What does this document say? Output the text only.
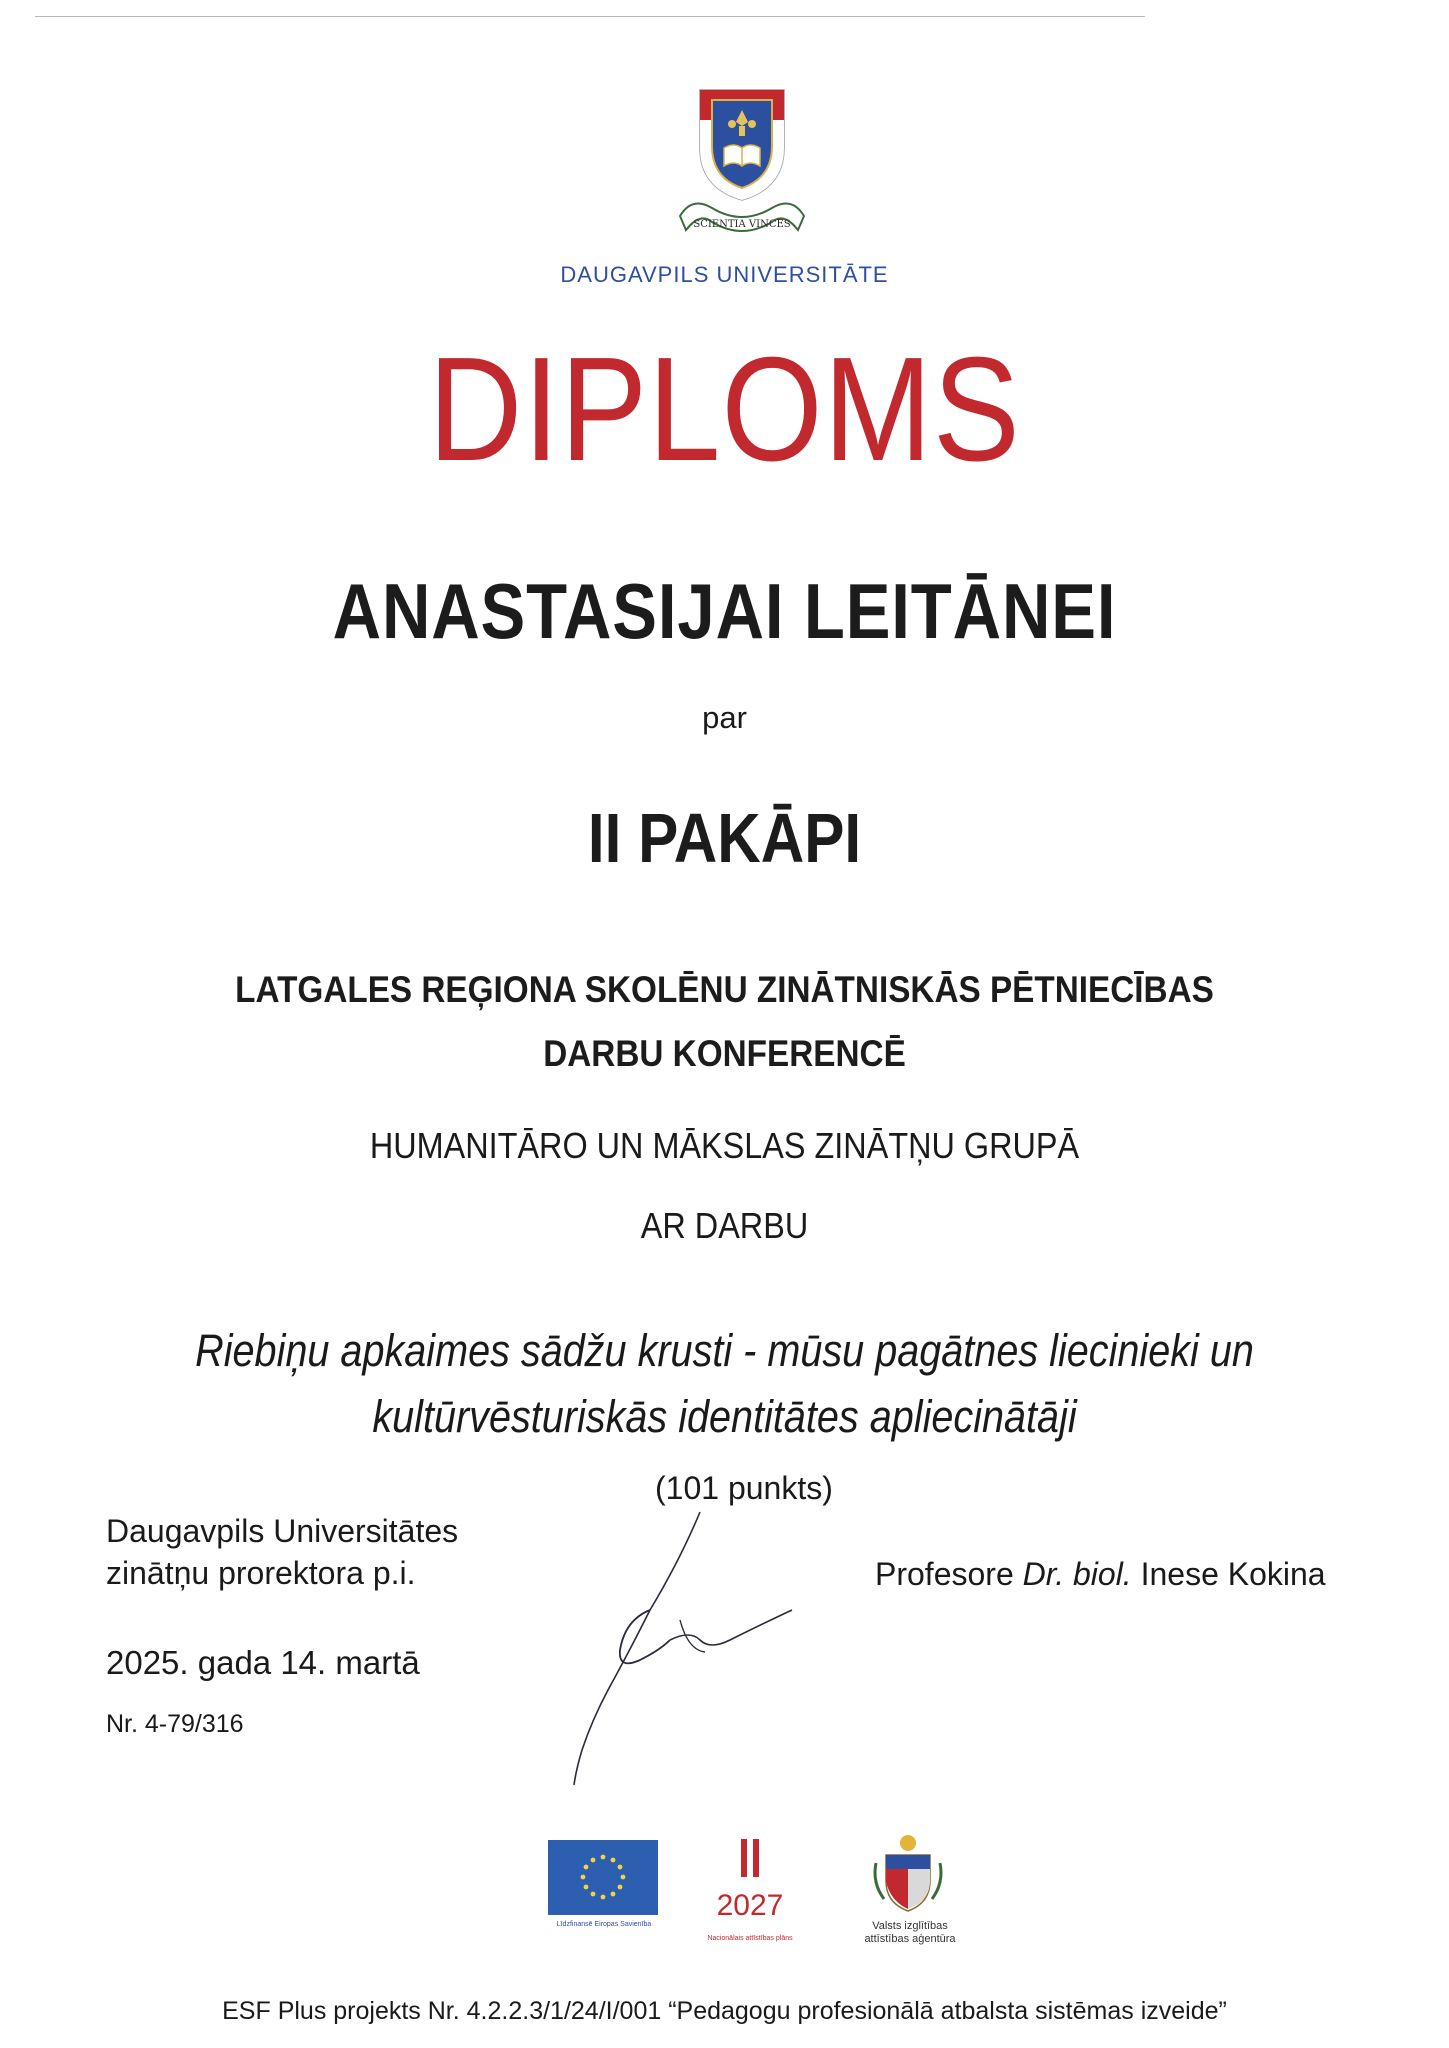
SCIENTIA VINCES
DAUGAVPILS UNIVERSITĀTE
DIPLOMS
ANASTASIJAI LEITĀNEI
par
II PAKĀPI
LATGALES REĢIONA SKOLĒNU ZINĀTNISKĀS PĒTNIECĪBAS
DARBU KONFERENCĒ
HUMANITĀRO UN MĀKSLAS ZINĀTŅU GRUPĀ
AR DARBU
Riebiņu apkaimes sādžu krusti - mūsu pagātnes liecinieki un
kultūrvēsturiskās identitātes apliecinātāji
(101 punkts)
Daugavpils Universitātes
zinātņu prorektora p.i.	Profesore Dr. biol. Inese Kokina
2025. gada 14. martā
Nr. 4-79/316
Līdzfinansē Eiropas Savienība
2027
Nacionālais attīstības plāns
Valsts izglītības
attīstības aģentūra
ESF Plus projekts Nr. 4.2.2.3/1/24/I/001 “Pedagogu profesionālā atbalsta sistēmas izveide”
